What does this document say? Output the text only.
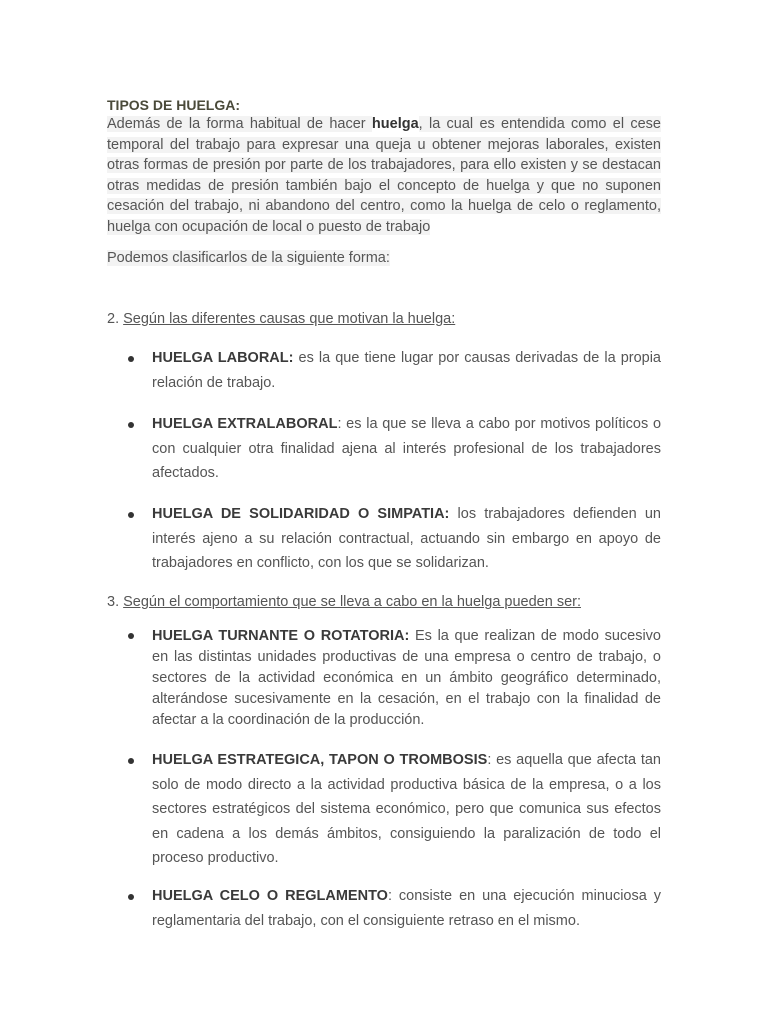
TIPOS DE HUELGA:
Además de la forma habitual de hacer huelga, la cual es entendida como el cese temporal del trabajo para expresar una queja u obtener mejoras laborales, existen otras formas de presión por parte de los trabajadores, para ello existen y se destacan otras medidas de presión también bajo el concepto de huelga y que no suponen cesación del trabajo, ni abandono del centro, como la huelga de celo o reglamento, huelga con ocupación de local o puesto de trabajo
Podemos clasificarlos de la siguiente forma:
2. Según las diferentes causas que motivan la huelga:
HUELGA LABORAL: es la que tiene lugar por causas derivadas de la propia relación de trabajo.
HUELGA EXTRALABORAL: es la que se lleva a cabo por motivos políticos o con cualquier otra finalidad ajena al interés profesional de los trabajadores afectados.
HUELGA DE SOLIDARIDAD O SIMPATIA: los trabajadores defienden un interés ajeno a su relación contractual, actuando sin embargo en apoyo de trabajadores en conflicto, con los que se solidarizan.
3. Según el comportamiento que se lleva a cabo en la huelga pueden ser:
HUELGA TURNANTE O ROTATORIA: Es la que realizan de modo sucesivo en las distintas unidades productivas de una empresa o centro de trabajo, o sectores de la actividad económica en un ámbito geográfico determinado, alterándose sucesivamente en la cesación, en el trabajo con la finalidad de afectar a la coordinación de la producción.
HUELGA ESTRATEGICA, TAPON O TROMBOSIS: es aquella que afecta tan solo de modo directo a la actividad productiva básica de la empresa, o a los sectores estratégicos del sistema económico, pero que comunica sus efectos en cadena a los demás ámbitos, consiguiendo la paralización de todo el proceso productivo.
HUELGA CELO O REGLAMENTO: consiste en una ejecución minuciosa y reglamentaria del trabajo, con el consiguiente retraso en el mismo.
